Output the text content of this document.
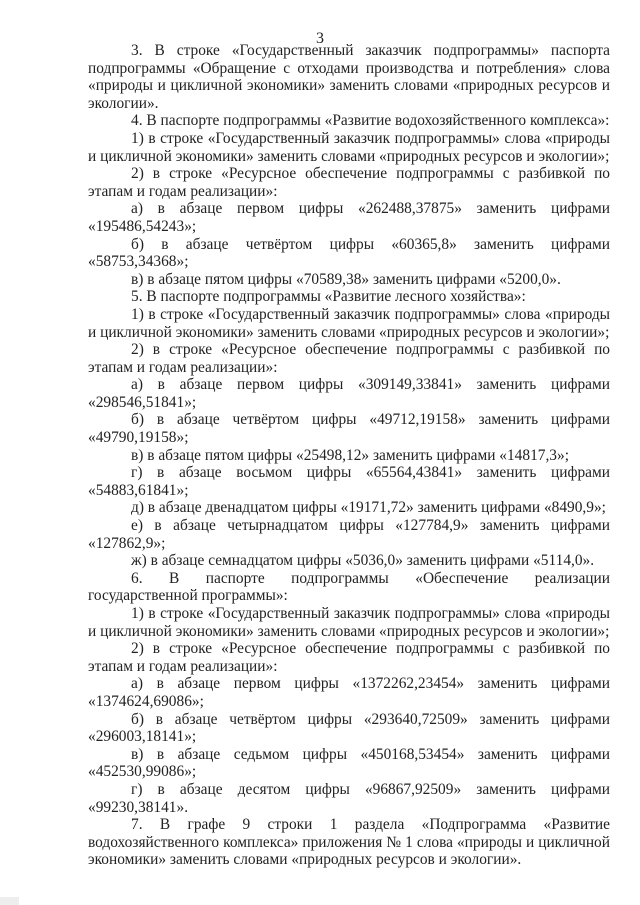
3

3. В строке «Государственный заказчик подпрограммы» паспорта подпрограммы «Обращение с отходами производства и потребления» слова «природы и цикличной экономики» заменить словами «природных ресурсов и экологии».

4. В паспорте подпрограммы «Развитие водохозяйственного комплекса»:

1) в строке «Государственный заказчик подпрограммы» слова «природы и цикличной экономики» заменить словами «природных ресурсов и экологии»;

2) в строке «Ресурсное обеспечение подпрограммы с разбивкой по этапам и годам реализации»:

а) в абзаце первом цифры «262488,37875» заменить цифрами «195486,54243»;

б) в абзаце четвёртом цифры «60365,8» заменить цифрами «58753,34368»;

в) в абзаце пятом цифры «70589,38» заменить цифрами «5200,0».

5. В паспорте подпрограммы «Развитие лесного хозяйства»:

1) в строке «Государственный заказчик подпрограммы» слова «природы и цикличной экономики» заменить словами «природных ресурсов и экологии»;

2) в строке «Ресурсное обеспечение подпрограммы с разбивкой по этапам и годам реализации»:

а) в абзаце первом цифры «309149,33841» заменить цифрами «298546,51841»;

б) в абзаце четвёртом цифры «49712,19158» заменить цифрами «49790,19158»;

в) в абзаце пятом цифры «25498,12» заменить цифрами «14817,3»;

г) в абзаце восьмом цифры «65564,43841» заменить цифрами «54883,61841»;

д) в абзаце двенадцатом цифры «19171,72» заменить цифрами «8490,9»;

е) в абзаце четырнадцатом цифры «127784,9» заменить цифрами «127862,9»;

ж) в абзаце семнадцатом цифры «5036,0» заменить цифрами «5114,0».

6. В паспорте подпрограммы «Обеспечение реализации государственной программы»:

1) в строке «Государственный заказчик подпрограммы» слова «природы и цикличной экономики» заменить словами «природных ресурсов и экологии»;

2) в строке «Ресурсное обеспечение подпрограммы с разбивкой по этапам и годам реализации»:

а) в абзаце первом цифры «1372262,23454» заменить цифрами «1374624,69086»;

б) в абзаце четвёртом цифры «293640,72509» заменить цифрами «296003,18141»;

в) в абзаце седьмом цифры «450168,53454» заменить цифрами «452530,99086»;

г) в абзаце десятом цифры «96867,92509» заменить цифрами «99230,38141».

7. В графе 9 строки 1 раздела «Подпрограмма «Развитие водохозяйственного комплекса» приложения № 1 слова «природы и цикличной экономики» заменить словами «природных ресурсов и экологии».
